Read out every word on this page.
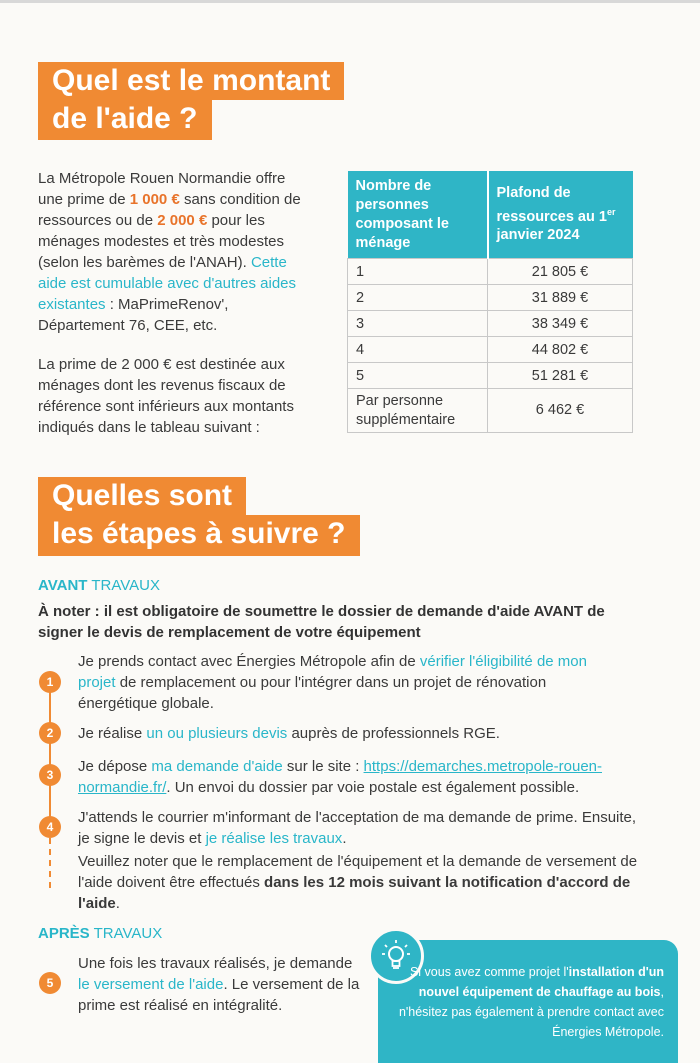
Quel est le montant
de l'aide ?
La Métropole Rouen Normandie offre une prime de 1 000 € sans condition de ressources ou de 2 000 € pour les ménages modestes et très modestes (selon les barèmes de l'ANAH). Cette aide est cumulable avec d'autres aides existantes : MaPrimeRenov', Département 76, CEE, etc.
La prime de 2 000 € est destinée aux ménages dont les revenus fiscaux de référence sont inférieurs aux montants indiqués dans le tableau suivant :
Nombre de personnes composant le ménage	Plafond de ressources au 1er janvier 2024
1	21 805 €
2	31 889 €
3	38 349 €
4	44 802 €
5	51 281 €
Par personne supplémentaire	6 462 €
Quelles sont
les étapes à suivre ?
AVANT TRAVAUX
À noter : il est obligatoire de soumettre le dossier de demande d'aide AVANT de signer le devis de remplacement de votre équipement
1
2
3
4
5
Je prends contact avec Énergies Métropole afin de vérifier l'éligibilité de mon projet de remplacement ou pour l'intégrer dans un projet de rénovation énergétique globale.
Je réalise un ou plusieurs devis auprès de professionnels RGE.
Je dépose ma demande d'aide sur le site : https://demarches.metropole-rouen-normandie.fr/. Un envoi du dossier par voie postale est également possible.
J'attends le courrier m'informant de l'acceptation de ma demande de prime. Ensuite, je signe le devis et je réalise les travaux.
Veuillez noter que le remplacement de l'équipement et la demande de versement de l'aide doivent être effectués dans les 12 mois suivant la notification d'accord de l'aide.
APRÈS TRAVAUX
Une fois les travaux réalisés, je demande le versement de l'aide. Le versement de la prime est réalisé en intégralité.
Si vous avez comme projet l'installation d'un nouvel équipement de chauffage au bois, n'hésitez pas également à prendre contact avec Énergies Métropole.
